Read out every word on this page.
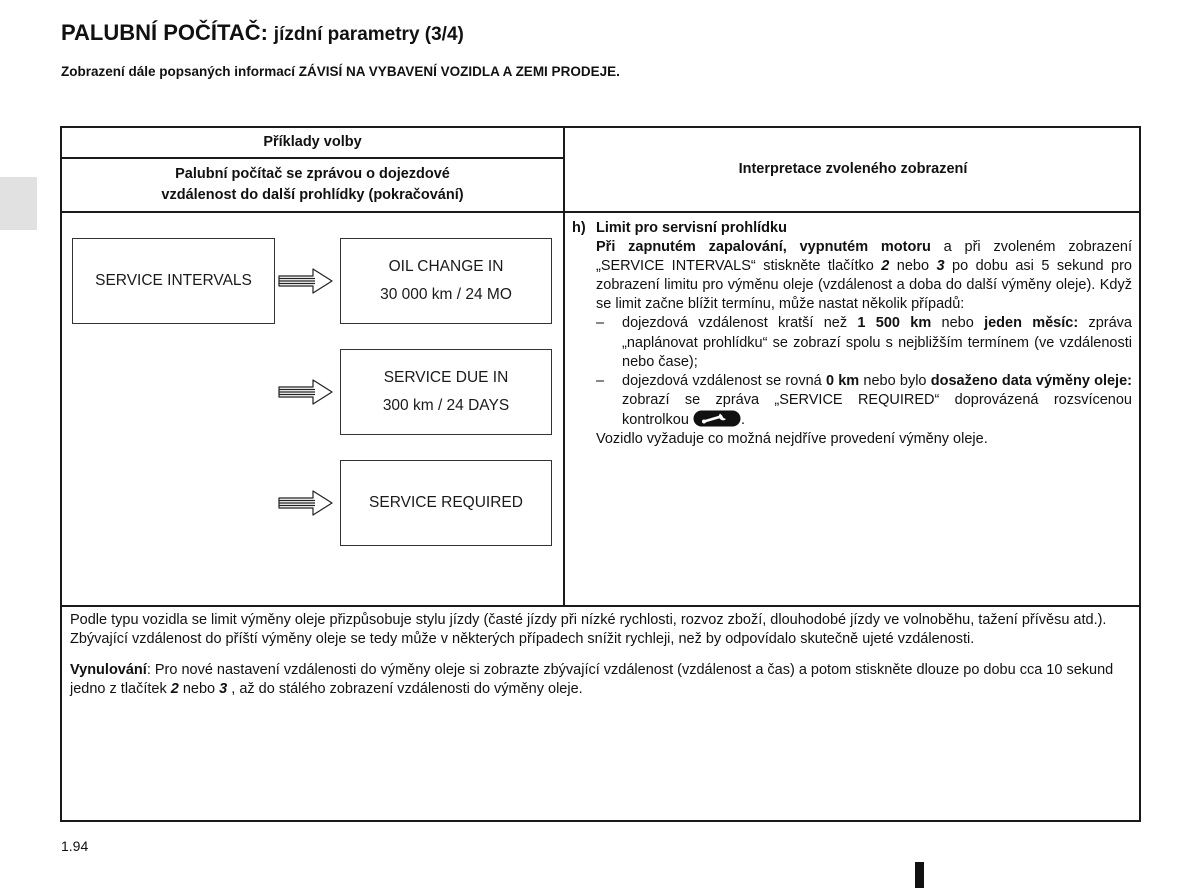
PALUBNÍ POČÍTAČ: jízdní parametry (3/4)
Zobrazení dále popsaných informací ZÁVISÍ NA VYBAVENÍ VOZIDLA A ZEMI PRODEJE.
Příklady volby
Palubní počítač se zprávou o dojezdové
vzdálenost do další prohlídky (pokračování)
Interpretace zvoleného zobrazení
SERVICE INTERVALS
OIL CHANGE IN
30 000 km / 24 MO
SERVICE DUE IN
300 km / 24 DAYS
SERVICE REQUIRED
h) Limit pro servisní prohlídku
Při zapnutém zapalování, vypnutém motoru a při zvoleném zobrazení „SERVICE INTERVALS“ stiskněte tlačítko 2 nebo 3 po dobu asi 5 sekund pro zobrazení limitu pro výměnu oleje (vzdálenost a doba do další výměny oleje). Když se limit začne blížit termínu, může nastat několik případů:
–	dojezdová vzdálenost kratší než 1 500 km nebo jeden měsíc: zpráva „naplánovat prohlídku“ se zobrazí spolu s nejbližším termínem (ve vzdálenosti nebo čase);
–	dojezdová vzdálenost se rovná 0 km nebo bylo dosaženo data výměny oleje: zobrazí se zpráva „SERVICE REQUIRED“ doprovázená rozsvícenou kontrolkou	.
Vozidlo vyžaduje co možná nejdříve provedení výměny oleje.

Podle typu vozidla se limit výměny oleje přizpůsobuje stylu jízdy (časté jízdy při nízké rychlosti, rozvoz zboží, dlouhodobé jízdy ve volnoběhu, tažení přívěsu atd.). Zbývající vzdálenost do příští výměny oleje se tedy může v některých případech snížit rychleji, než by odpovídalo skutečně ujeté vzdálenosti.

Vynulování: Pro nové nastavení vzdálenosti do výměny oleje si zobrazte zbývající vzdálenost (vzdálenost a čas) a potom stiskněte dlouze po dobu cca 10 sekund jedno z tlačítek 2 nebo 3 , až do stálého zobrazení vzdálenosti do výměny oleje.

1.94
